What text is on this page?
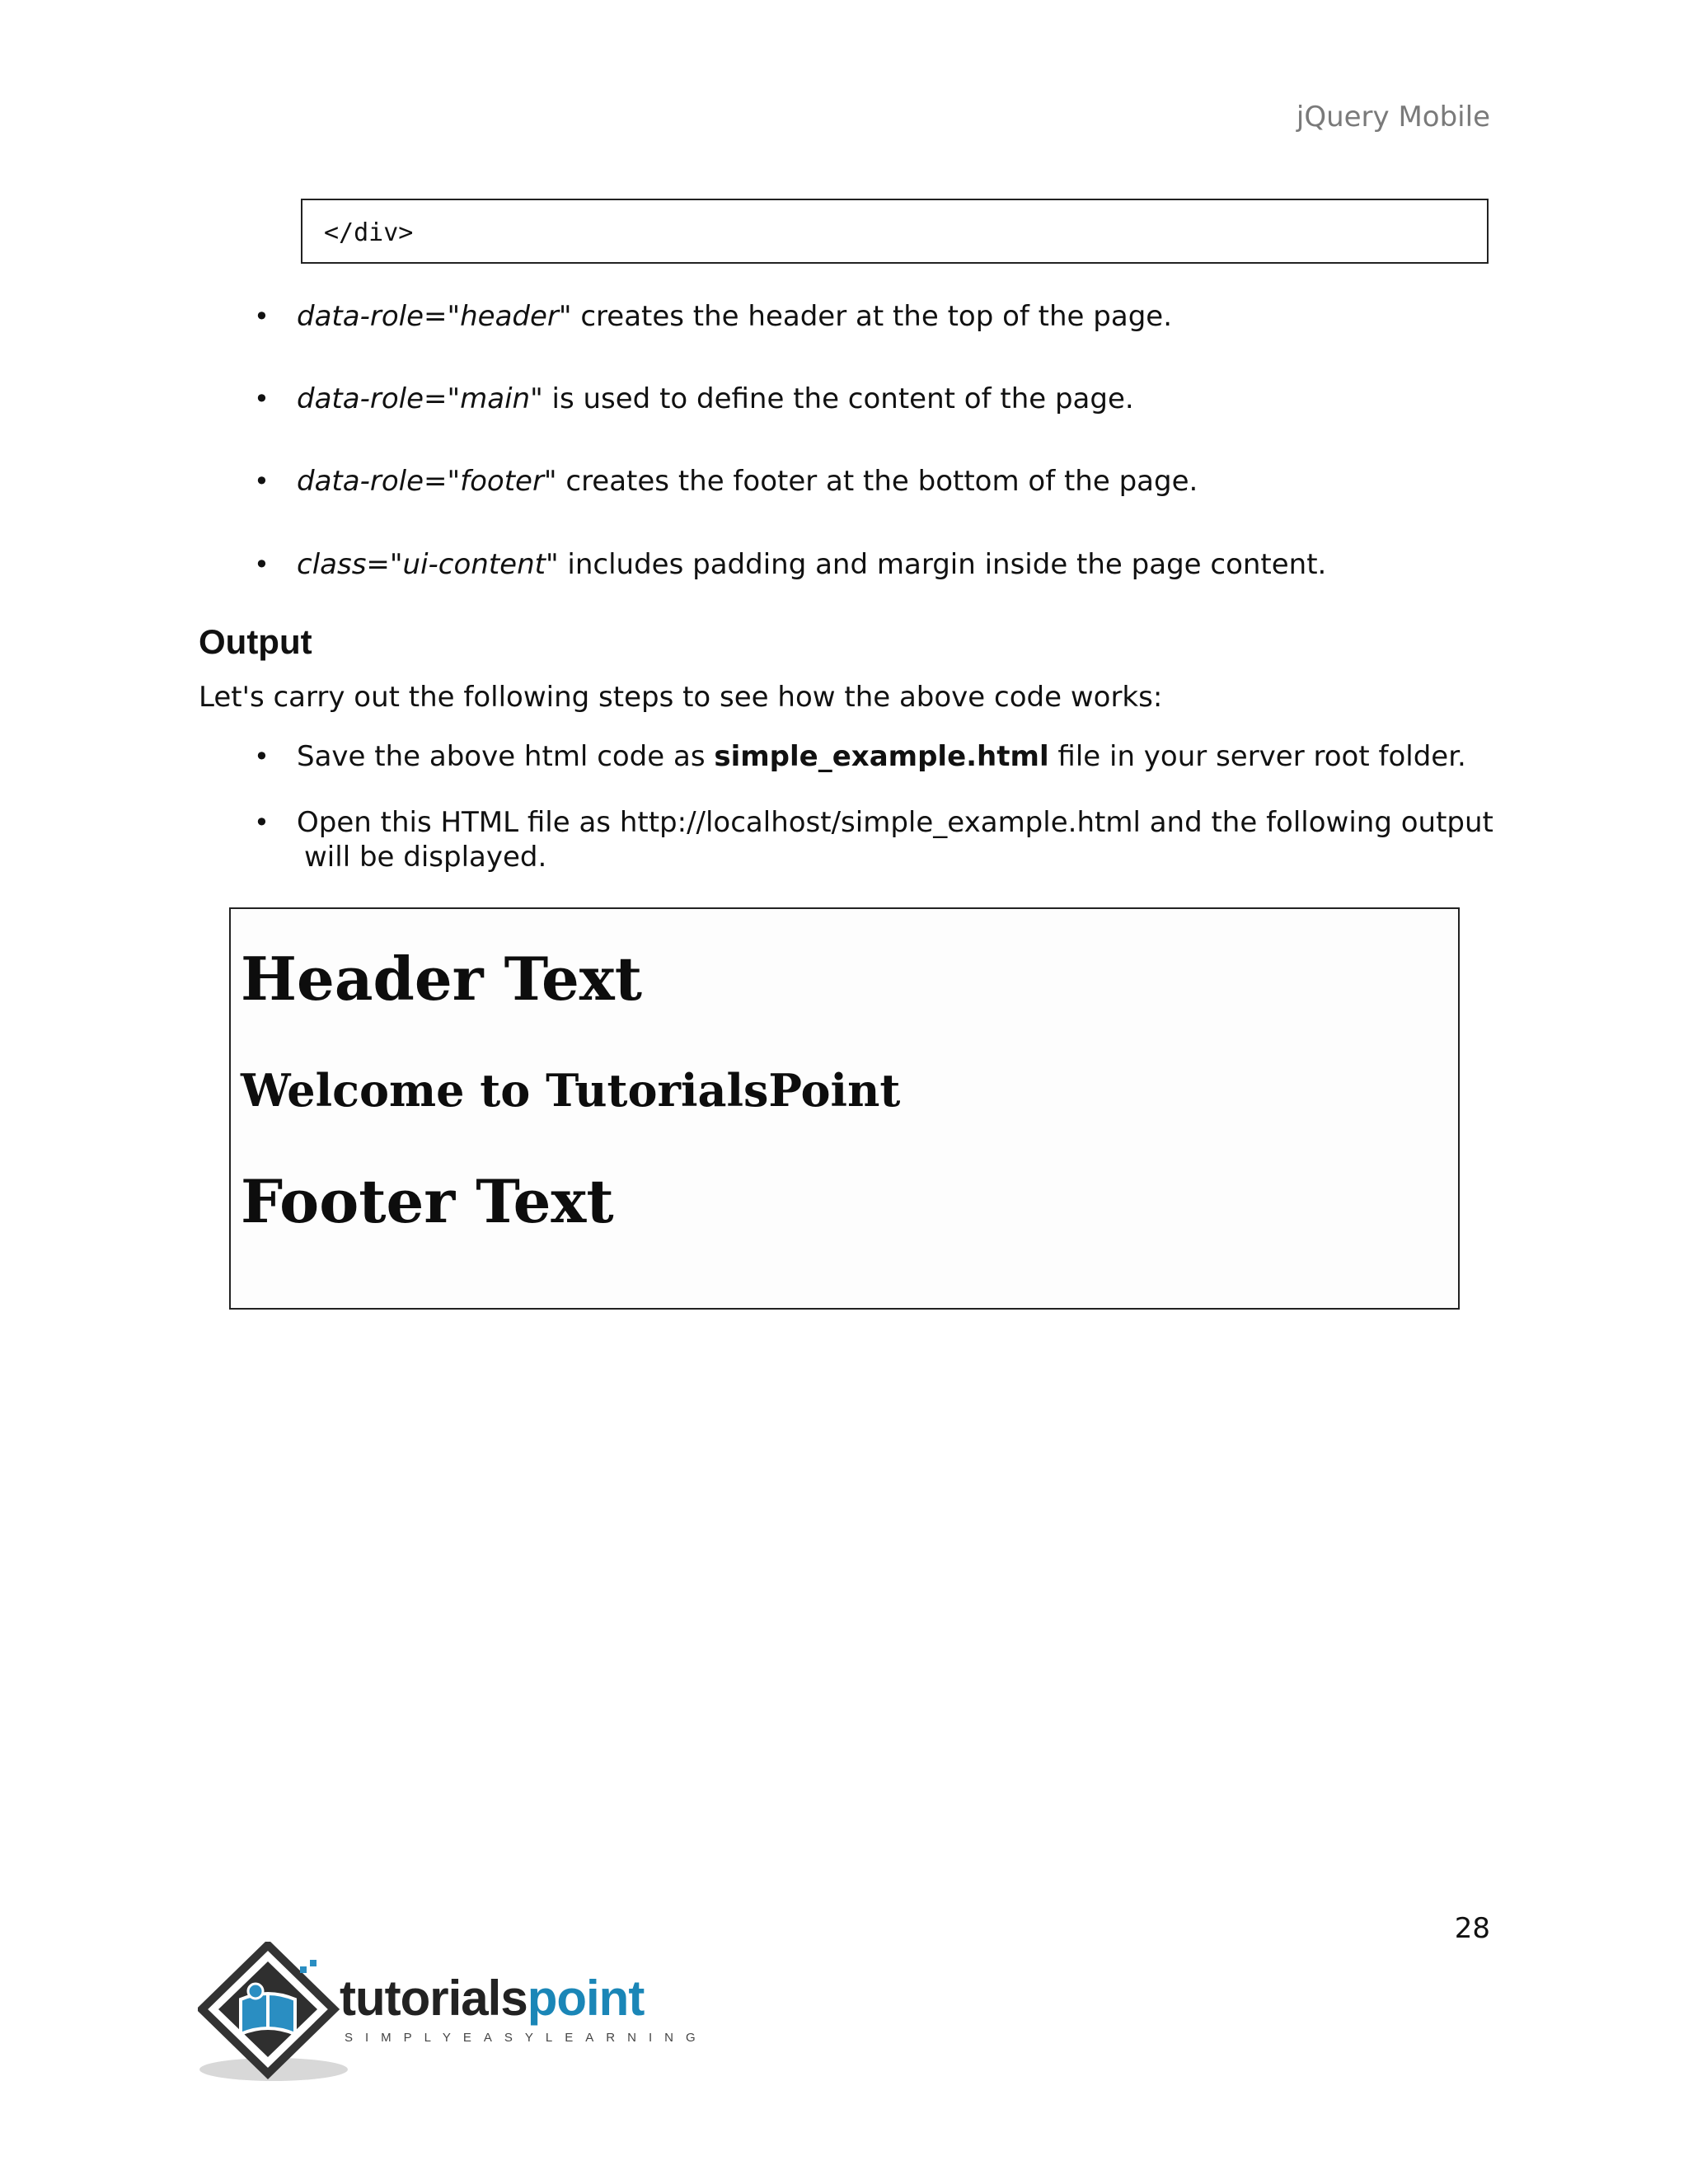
jQuery Mobile
</div>
• data-role="header" creates the header at the top of the page.
• data-role="main" is used to define the content of the page.
• data-role="footer" creates the footer at the bottom of the page.
• class="ui-content" includes padding and margin inside the page content.
Output
Let's carry out the following steps to see how the above code works:
• Save the above html code as simple_example.html file in your server root folder.
• Open this HTML file as http://localhost/simple_example.html and the following output
will be displayed.
Header Text
Welcome to TutorialsPoint
Footer Text
28
tutorialspoint
SIMPLYEASYLEARNING
